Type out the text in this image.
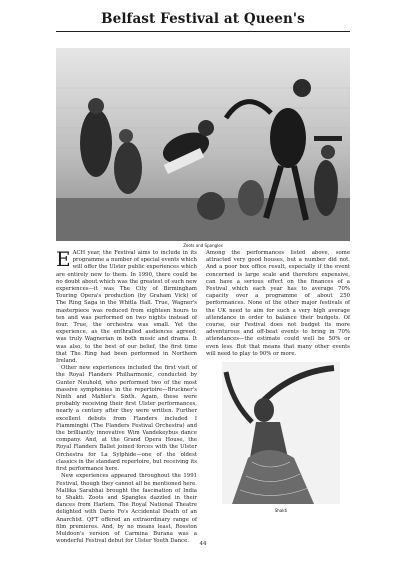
Belfast Festival at Queen's
Zoots and Spangles

EACH year, the Festival aims to include in its programme a number of special events which will offer the Ulster public experiences which are entirely new to them. In 1990, there could be no doubt about which was the greatest of such new experiences—it was The City of Birmingham Touring Opera's production (by Graham Vick) of The Ring Saga in the Whitla Hall. True, Wagner's masterpiece was reduced from eighteen hours to ten and was performed on two nights instead of four. True, the orchestra was small. Yet the experience, as the enthralled audiences agreed, was truly Wagnerian in both music and drama. It was also, to the best of our belief, the first time that The Ring had been performed in Northern Ireland.

Other new experiences included the first visit of the Royal Flanders Philharmonic, conducted by Gunter Neuhold, who performed two of the most massive symphonies in the repertoire—Bruckner's Ninth and Mahler's Sixth. Again, these were probably receiving their first Ulster performances, nearly a century after they were written. Further excellent debuts from Flanders included I Fiamminghi (The Flanders Festival Orchestra) and the brilliantly innovative Wim Vandekeybus dance company. And, at the Grand Opera House, the Royal Flanders Ballet joined forces with the Ulster Orchestra for La Sylphide—one of the oldest classics in the standard repertoire, but receiving its first performance here.

New experiences appeared throughout the 1991 Festival, though they cannot all be mentioned here. Mallika Sarabhai brought the fascination of India to Shakti. Zoots and Spangles dazzled in their dances from Harlem. The Royal National Theatre delighted with Dario Fo's Accidental Death of an Anarchist. QFT offered an extraordinary range of film premieres. And, by no means least, Rosston Muldoon's version of Carmina Burana was a wonderful Festival debut for Ulster Youth Dance.

Among the performances listed above, some attracted very good houses, but a number did not. And a poor box office result, especially if the event concerned is large scale and therefore expensive, can have a serious effect on the finances of a Festival which each year has to average 70% capacity over a programme of about 250 performances. None of the other major festivals of the UK need to aim for such a very high average attendance in order to balance their budgets. Of course, our Festival does not budget its more adventurous and off-beat events to bring in 70% attendances—the estimate could well be 50% or even less. But that means that many other events will need to play to 90% or more.

Shakti
44
